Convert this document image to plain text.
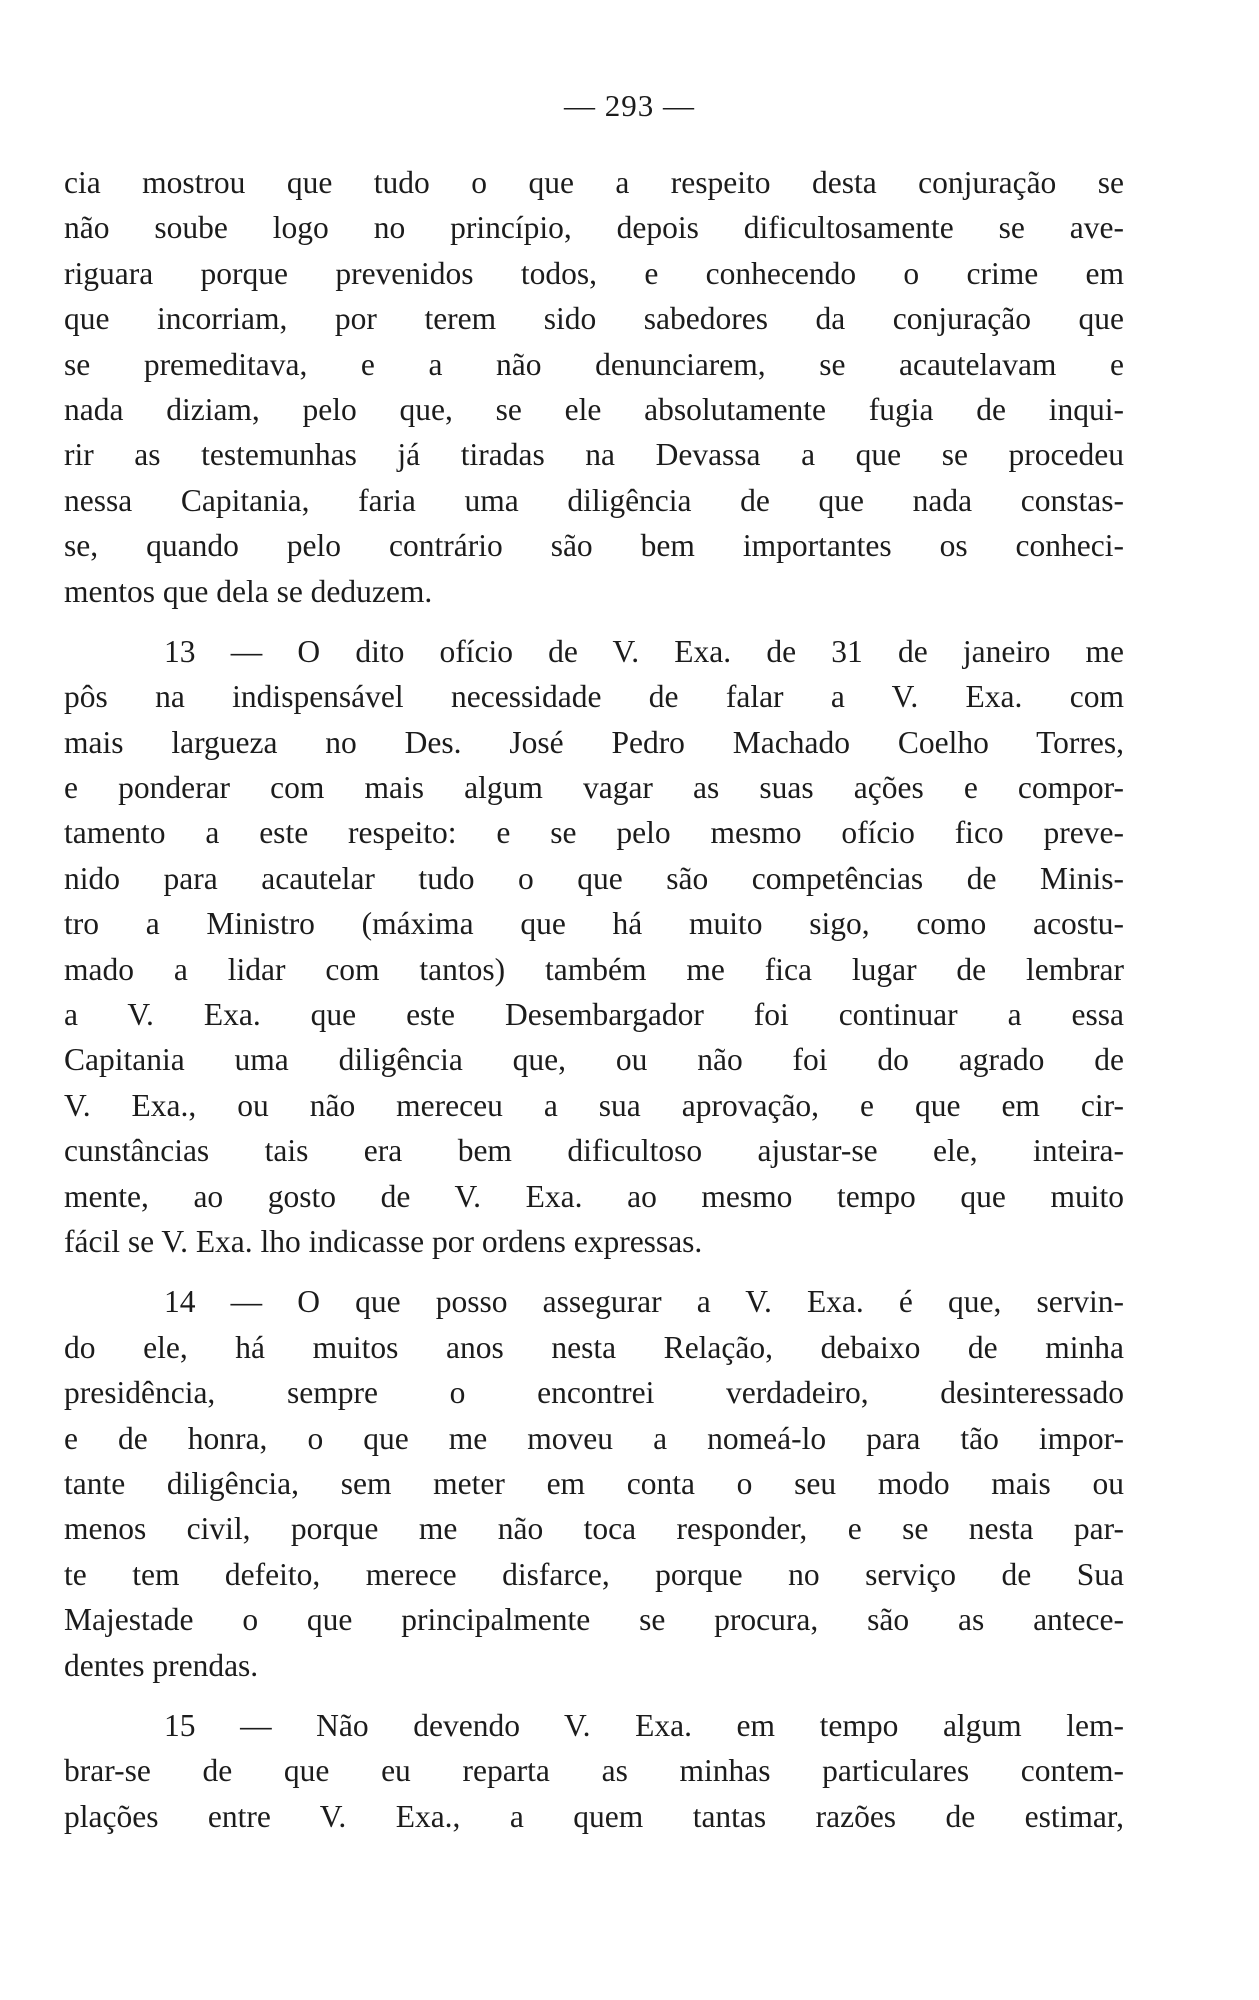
— 293 —
cia mostrou que tudo o que a respeito desta conjuração se
não soube logo no princípio, depois dificultosamente se ave-
riguara porque prevenidos todos, e conhecendo o crime em
que incorriam, por terem sido sabedores da conjuração que
se premeditava, e a não denunciarem, se acautelavam e
nada diziam, pelo que, se ele absolutamente fugia de inqui-
rir as testemunhas já tiradas na Devassa a que se procedeu
nessa Capitania, faria uma diligência de que nada constas-
se, quando pelo contrário são bem importantes os conheci-
mentos que dela se deduzem.
13 — O dito ofício de V. Exa. de 31 de janeiro me
pôs na indispensável necessidade de falar a V. Exa. com
mais largueza no Des. José Pedro Machado Coelho Torres,
e ponderar com mais algum vagar as suas ações e compor-
tamento a este respeito: e se pelo mesmo ofício fico preve-
nido para acautelar tudo o que são competências de Minis-
tro a Ministro (máxima que há muito sigo, como acostu-
mado a lidar com tantos) também me fica lugar de lembrar
a V. Exa. que este Desembargador foi continuar a essa
Capitania uma diligência que, ou não foi do agrado de
V. Exa., ou não mereceu a sua aprovação, e que em cir-
cunstâncias tais era bem dificultoso ajustar-se ele, inteira-
mente, ao gosto de V. Exa. ao mesmo tempo que muito
fácil se V. Exa. lho indicasse por ordens expressas.
14 — O que posso assegurar a V. Exa. é que, servin-
do ele, há muitos anos nesta Relação, debaixo de minha
presidência, sempre o encontrei verdadeiro, desinteressado
e de honra, o que me moveu a nomeá-lo para tão impor-
tante diligência, sem meter em conta o seu modo mais ou
menos civil, porque me não toca responder, e se nesta par-
te tem defeito, merece disfarce, porque no serviço de Sua
Majestade o que principalmente se procura, são as antece-
dentes prendas.
15 — Não devendo V. Exa. em tempo algum lem-
brar-se de que eu reparta as minhas particulares contem-
plações entre V. Exa., a quem tantas razões de estimar,
